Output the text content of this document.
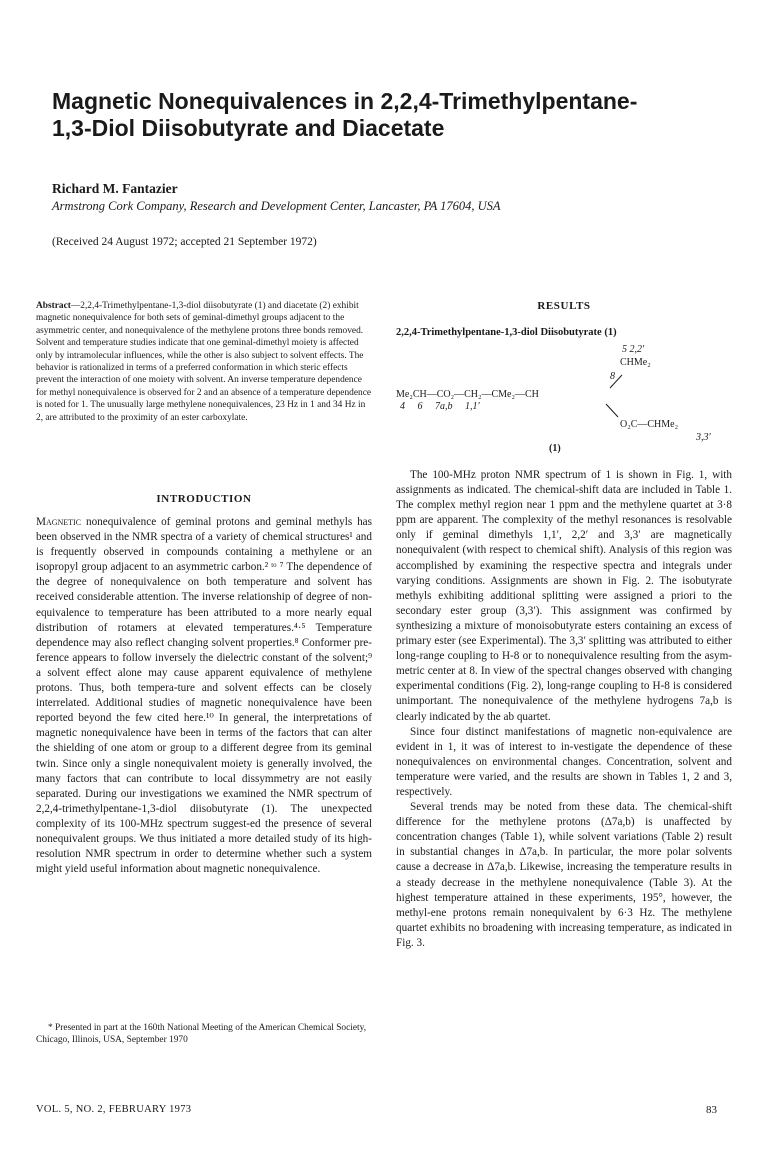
Magnetic Nonequivalences in 2,2,4-Trimethylpentane-
1,3-Diol Diisobutyrate and Diacetate

Richard M. Fantazier

Armstrong Cork Company, Research and Development Center, Lancaster, PA 17604, USA

(Received 24 August 1972; accepted 21 September 1972)

Abstract—2,2,4-Trimethylpentane-1,3-diol diisobutyrate (1) and diacetate (2) exhibit magnetic nonequivalence for both sets of geminal-dimethyl groups adjacent to the asymmetric center, and nonequivalence of the methylene protons three bonds removed. Solvent and temperature studies indicate that one geminal-dimethyl moiety is affected only by intramolecular influences, while the other is also subject to solvent effects. The behavior is rationalized in terms of a preferred conformation in which steric effects prevent the interaction of one moiety with solvent. An inverse temperature dependence for methyl nonequivalence is observed for 2 and an absence of a temperature dependence is noted for 1. The unusually large methylene nonequivalences, 23 Hz in 1 and 34 Hz in 2, are attributed to the proximity of an ester carboxylate.

INTRODUCTION

Magnetic nonequivalence of geminal protons and geminal methyls has been observed in the NMR spectra of a variety of chemical structures¹ and is frequently observed in compounds containing a methylene or an isopropyl group adjacent to an asymmetric carbon.² ᵗᵒ ⁷ The dependence of the degree of nonequivalence on both temperature and solvent has received considerable attention. The inverse relationship of degree of non-equivalence to temperature has been attributed to a more nearly equal distribution of rotamers at elevated temperatures.⁴·⁵ Temperature dependence may also reflect changing solvent properties.⁸ Conformer pre-ference appears to follow inversely the dielectric constant of the solvent;⁹ a solvent effect alone may cause apparent equivalence of methylene protons. Thus, both tempera-ture and solvent effects can be closely interrelated. Additional studies of magnetic nonequivalence have been reported beyond the few cited here.¹⁰ In general, the interpretations of magnetic nonequivalence have been in terms of the factors that can alter the shielding of one atom or group to a different degree from its geminal twin. Since only a single nonequivalent moiety is generally involved, the many factors that can contribute to local dissymmetry are not easily separated. During our investigations we examined the NMR spectrum of 2,2,4-trimethylpentane-1,3-diol diisobutyrate (1). The unexpected complexity of its 100-MHz spectrum suggest-ed the presence of several nonequivalent groups. We thus initiated a more detailed study of its high-resolution NMR spectrum in order to determine whether such a system might yield useful information about magnetic nonequivalence.

* Presented in part at the 160th National Meeting of the American Chemical Society, Chicago, Illinois, USA, September 1970

RESULTS

2,2,4-Trimethylpentane-1,3-diol Diisobutyrate (1)

5 2,2′
CHMe₂
8
Me₂CH—CO₂—CH₂—CMe₂—CH
4 6 7a,b 1,1′
O₂C—CHMe₂
3,3′
(1)

The 100-MHz proton NMR spectrum of 1 is shown in Fig. 1, with assignments as indicated. The chemical-shift data are included in Table 1. The complex methyl region near 1 ppm and the methylene quartet at 3·8 ppm are apparent. The complexity of the methyl resonances is resolvable only if geminal dimethyls 1,1′, 2,2′ and 3,3′ are magnetically nonequivalent (with respect to chemical shift). Analysis of this region was accomplished by examining the respective spectra and integrals under varying conditions. Assignments are shown in Fig. 2. The isobutyrate methyls exhibiting additional splitting were assigned a priori to the secondary ester group (3,3′). This assignment was confirmed by synthesizing a mixture of monoisobutyrate esters containing an excess of primary ester (see Experimental). The 3,3′ splitting was attributed to either long-range coupling to H-8 or to nonequivalence resulting from the asym-metric center at 8. In view of the spectral changes observed with changing experimental conditions (Fig. 2), long-range coupling to H-8 is considered unimportant. The nonequivalence of the methylene hydrogens 7a,b is clearly indicated by the ab quartet.

Since four distinct manifestations of magnetic non-equivalence are evident in 1, it was of interest to in-vestigate the dependence of these nonequivalences on environmental changes. Concentration, solvent and temperature were varied, and the results are shown in Tables 1, 2 and 3, respectively.

Several trends may be noted from these data. The chemical-shift difference for the methylene protons (Δ7a,b) is unaffected by concentration changes (Table 1), while solvent variations (Table 2) result in substantial changes in Δ7a,b. In particular, the more polar solvents cause a decrease in Δ7a,b. Likewise, increasing the temperature results in a steady decrease in the methylene nonequivalence (Table 3). At the highest temperature attained in these experiments, 195°, however, the methyl-ene protons remain nonequivalent by 6·3 Hz. The methylene quartet exhibits no broadening with increasing temperature, as indicated in Fig. 3.

VOL. 5, NO. 2, FEBRUARY 1973	83
